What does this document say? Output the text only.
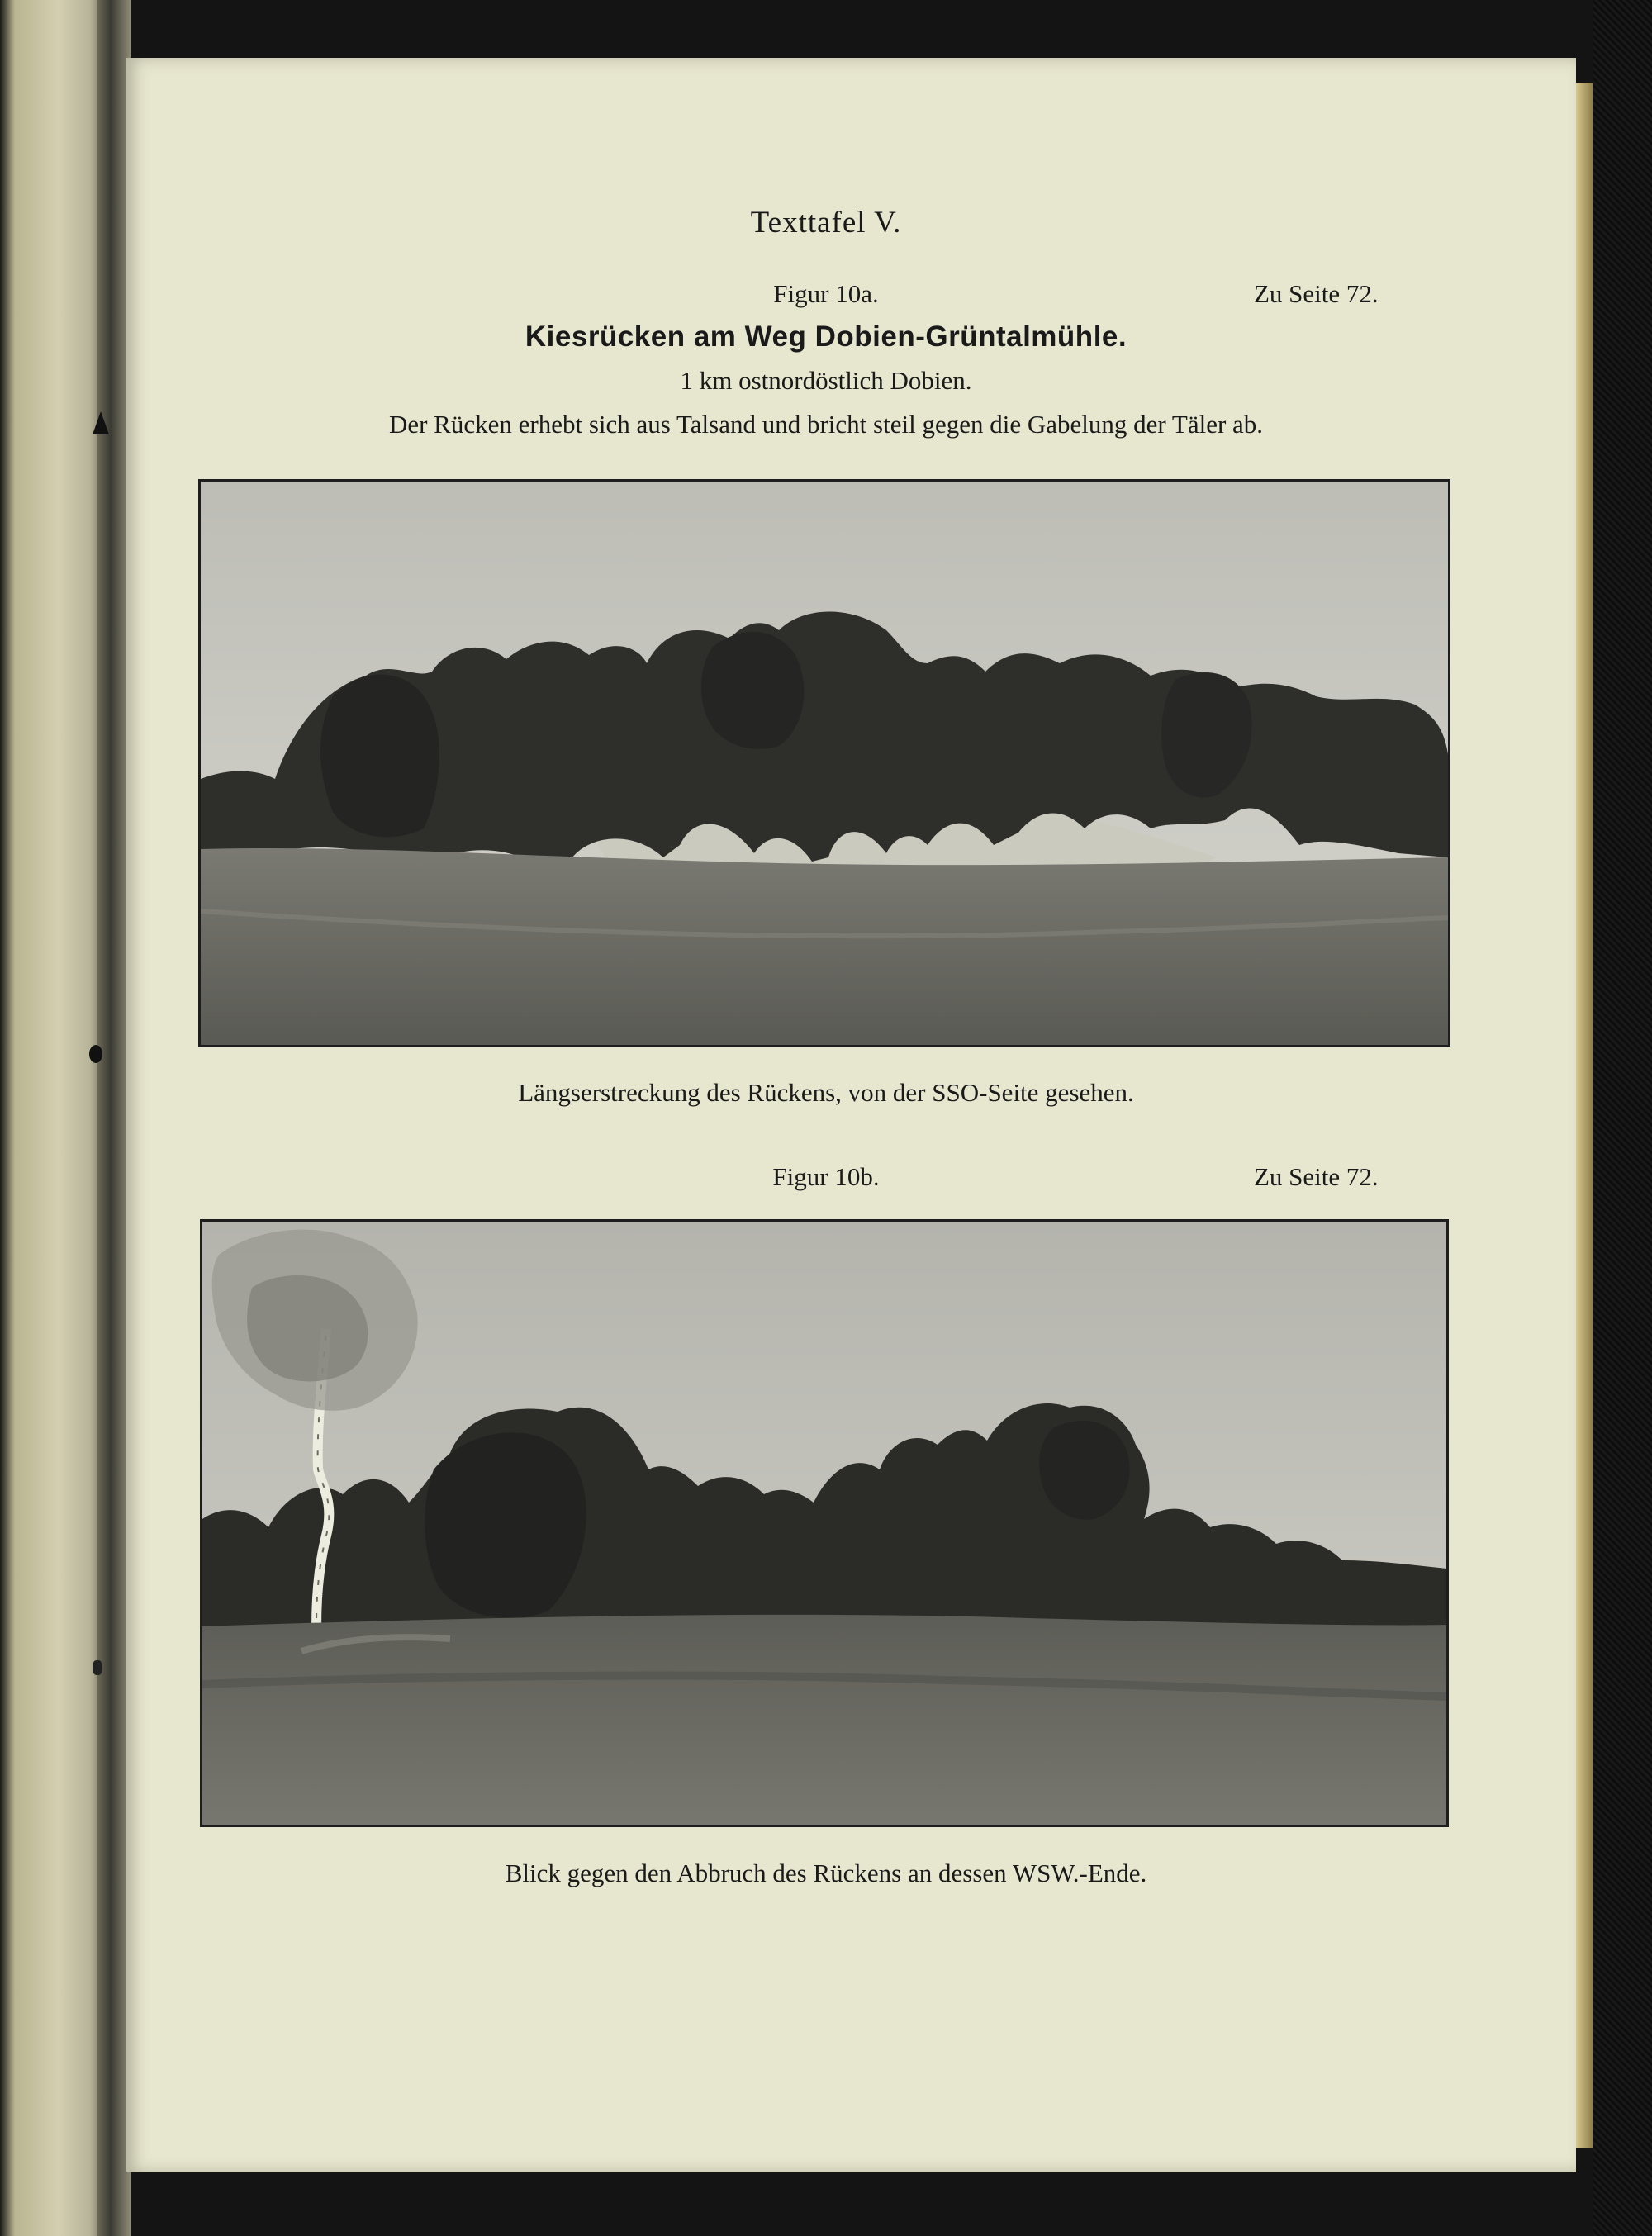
Texttafel V.
Figur 10a.	Zu Seite 72.
Kiesrücken am Weg Dobien-Grüntalmühle.
1 km ostnordöstlich Dobien.
Der Rücken erhebt sich aus Talsand und bricht steil gegen die Gabelung der Täler ab.
Längserstreckung des Rückens, von der SSO-Seite gesehen.
Figur 10b.	Zu Seite 72.
Blick gegen den Abbruch des Rückens an dessen WSW.-Ende.
